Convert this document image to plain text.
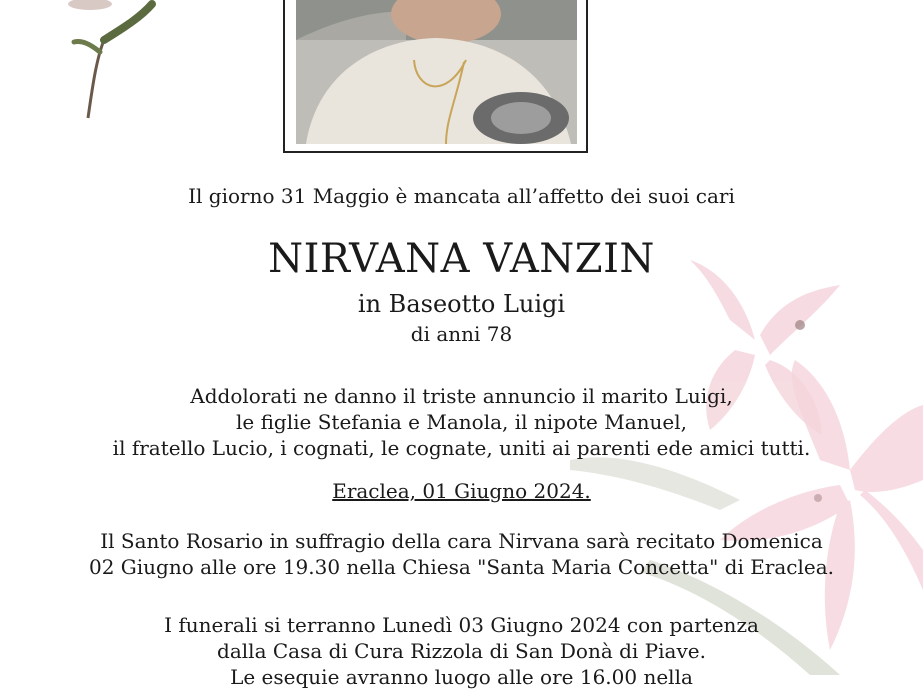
Il giorno 31 Maggio è mancata all’affetto dei suoi cari
NIRVANA VANZIN
in Baseotto Luigi
di anni 78
Addolorati ne danno il triste annuncio il marito Luigi,
le figlie Stefania e Manola, il nipote Manuel,
il fratello Lucio, i cognati, le cognate, uniti ai parenti ede amici tutti.
Eraclea, 01 Giugno 2024.
Il Santo Rosario in suffragio della cara Nirvana sarà recitato Domenica
02 Giugno alle ore 19.30 nella Chiesa "Santa Maria Concetta" di Eraclea.
I funerali si terranno Lunedì 03 Giugno 2024 con partenza
dalla Casa di Cura Rizzola di San Donà di Piave.
Le esequie avranno luogo alle ore 16.00 nella
